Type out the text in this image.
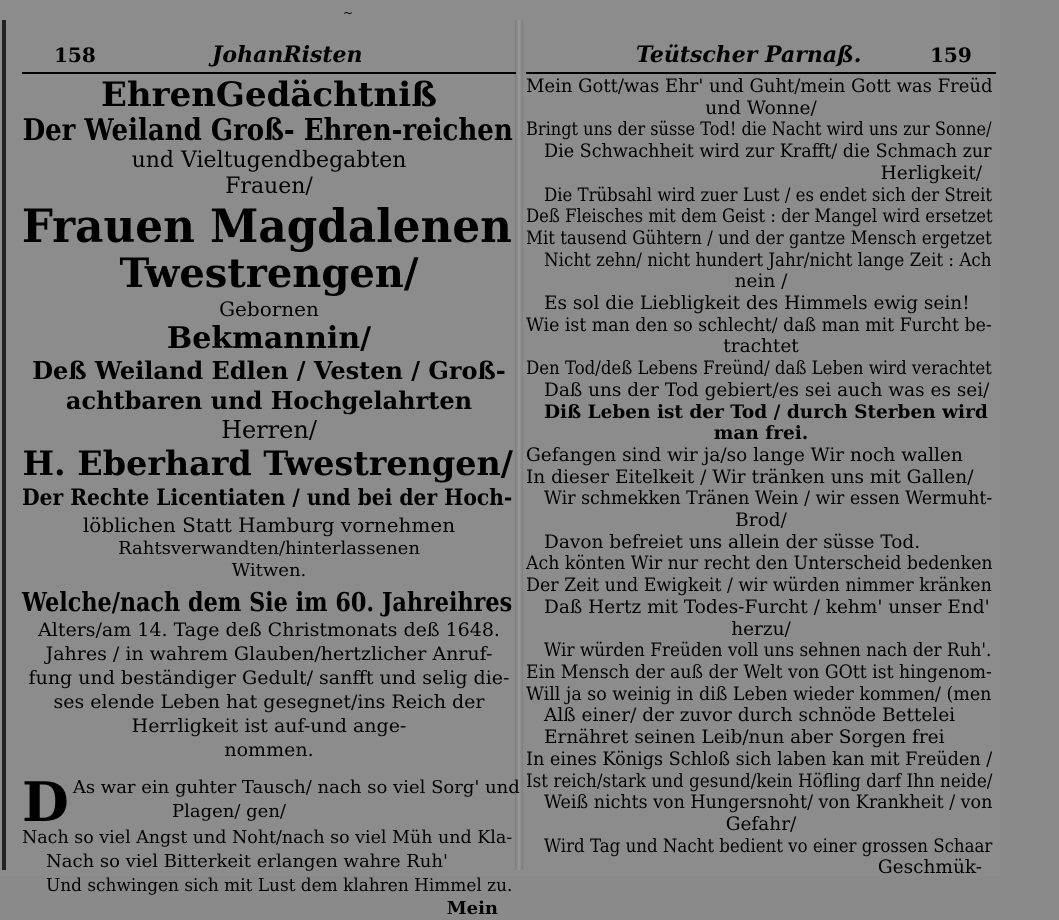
~
158	JohanRisten
EhrenGedächtniß
Der Weiland Groß- Ehren-reichen
und Vieltugendbegabten
Frauen/
Frauen Magdalenen
Twestrengen/
Gebornen
Bekmannin/
Deß Weiland Edlen / Vesten / Groß-
achtbaren und Hochgelahrten
Herren/
H. Eberhard Twestrengen/
Der Rechte Licentiaten / und bei der Hoch-
löblichen Statt Hamburg vornehmen
Rahtsverwandten/hinterlassenen
Witwen.
Welche/nach dem Sie im 60. Jahreihres
Alters/am 14. Tage deß Christmonats deß 1648.
Jahres / in wahrem Glauben/hertzlicher Anruf-
fung und beständiger Gedult/ sanfft und selig die-
ses elende Leben hat gesegnet/ins Reich der
Herrligkeit ist auf-und ange-
nommen.
D As war ein guhter Tausch/ nach so viel Sorg' und
Plagen/ gen/
Nach so viel Angst und Noht/nach so viel Müh und Kla-
Nach so viel Bitterkeit erlangen wahre Ruh'
Und schwingen sich mit Lust dem klahren Himmel zu.
Mein
Teütscher Parnaß.	159
Mein Gott/was Ehr' und Guht/mein Gott was Freüd
und Wonne/
Bringt uns der süsse Tod! die Nacht wird uns zur Sonne/
Die Schwachheit wird zur Krafft/ die Schmach zur
Herligkeit/
Die Trübsahl wird zuer Lust / es endet sich der Streit
Deß Fleisches mit dem Geist : der Mangel wird ersetzet
Mit tausend Gühtern / und der gantze Mensch ergetzet
Nicht zehn/ nicht hundert Jahr/nicht lange Zeit : Ach
nein /
Es sol die Liebligkeit des Himmels ewig sein!
Wie ist man den so schlecht/ daß man mit Furcht be-
trachtet
Den Tod/deß Lebens Freünd/ daß Leben wird verachtet
Daß uns der Tod gebiert/es sei auch was es sei/
Diß Leben ist der Tod / durch Sterben wird
man frei.
Gefangen sind wir ja/so lange Wir noch wallen
In dieser Eitelkeit / Wir tränken uns mit Gallen/
Wir schmekken Tränen Wein / wir essen Wermuht-
Brod/
Davon befreiet uns allein der süsse Tod.
Ach könten Wir nur recht den Unterscheid bedenken
Der Zeit und Ewigkeit / wir würden nimmer kränken
Daß Hertz mit Todes-Furcht / kehm' unser End'
herzu/
Wir würden Freüden voll uns sehnen nach der Ruh'.
Ein Mensch der auß der Welt von GOtt ist hingenom-
Will ja so weinig in diß Leben wieder kommen/ (men
Alß einer/ der zuvor durch schnöde Bettelei
Ernähret seinen Leib/nun aber Sorgen frei
In eines Königs Schloß sich laben kan mit Freüden /
Ist reich/stark und gesund/kein Höfling darf Ihn neide/
Weiß nichts von Hungersnoht/ von Krankheit / von
Gefahr/
Wird Tag und Nacht bedient vo einer grossen Schaar
Geschmük-
